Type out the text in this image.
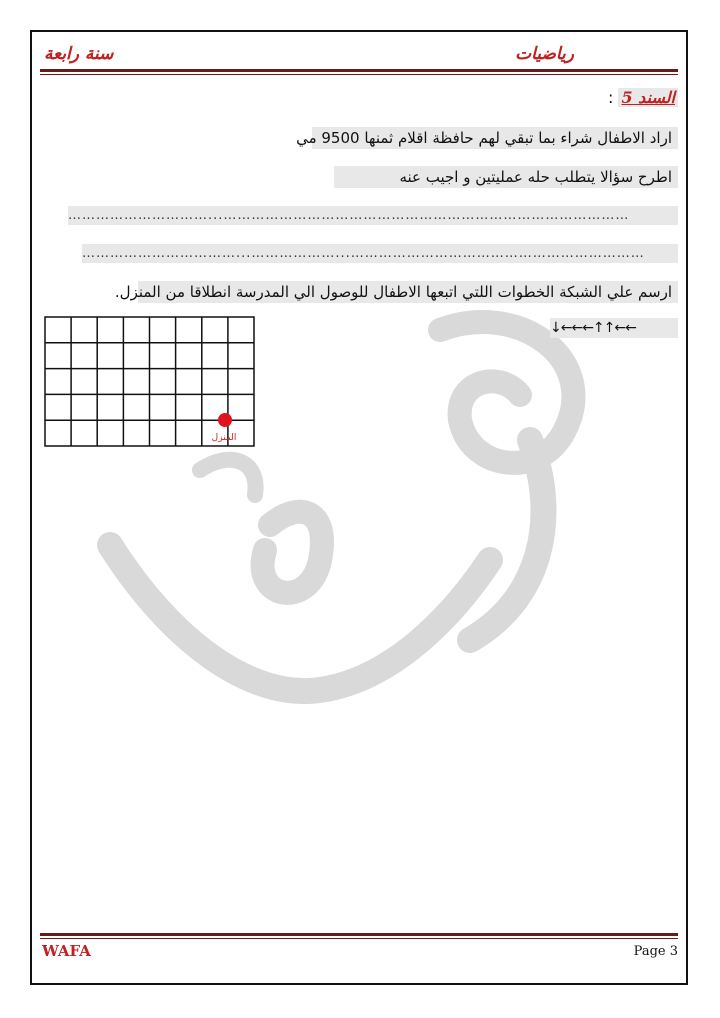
سنة رابعة	رياضيات
السند 5 :
اراد الاطفال شراء بما تبقي لهم حافظة اقلام ثمنها 9500 مي
اطرح سؤالا يتطلب حله عمليتين و اجيب عنه
…………………………...……………………………………………………………………………
……………………………...………………...………………………………………………………
ارسم علي الشبكة الخطوات اللتي اتبعها الاطفال للوصول الي المدرسة انطلاقا من المنزل.
↓←←←↑↑←←
المنزل
WAFA	Page 3
